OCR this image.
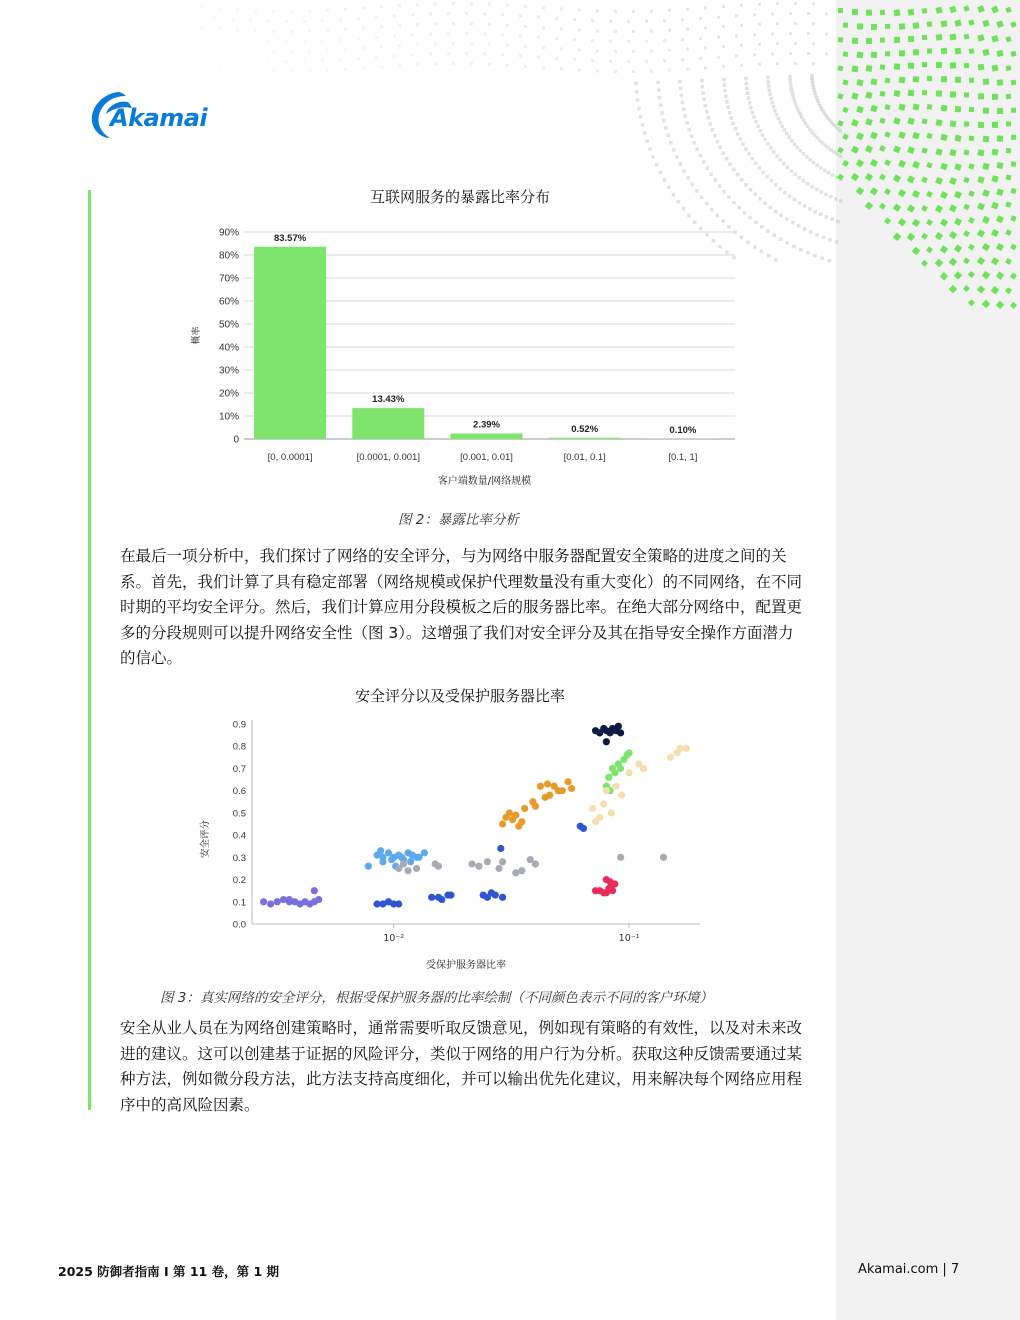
Akamai
互联网服务的暴露比率分布
0
10%
20%
30%
40%
50%
60%
70%
80%
90%	83.57%
[0, 0.0001]
13.43%
[0.0001, 0.001]
2.39%
[0.001, 0.01]
0.52%
[0.01, 0.1]
0.10%
[0.1, 1]
客户端数量/网络规模
概率
图 2：暴露比率分析

在最后一项分析中，我们探讨了网络的安全评分，与为网络中服务器配置安全策略的进度之间的关系。首先，我们计算了具有稳定部署（网络规模或保护代理数量没有重大变化）的不同网络，在不同时期的平均安全评分。然后，我们计算应用分段模板之后的服务器比率。在绝大部分网络中，配置更多的分段规则可以提升网络安全性（图 3）。这增强了我们对安全评分及其在指导安全操作方面潜力的信心。

安全评分以及受保护服务器比率
0.0
0.1
0.2
0.3
0.4
0.5
0.6
0.7
0.8
0.9
10⁻²	10⁻¹
受保护服务器比率
安全评分
图 3：真实网络的安全评分，根据受保护服务器的比率绘制（不同颜色表示不同的客户环境）

安全从业人员在为网络创建策略时，通常需要听取反馈意见，例如现有策略的有效性，以及对未来改进的建议。这可以创建基于证据的风险评分，类似于网络的用户行为分析。获取这种反馈需要通过某种方法，例如微分段方法，此方法支持高度细化，并可以输出优先化建议，用来解决每个网络应用程序中的高风险因素。

2025 防御者指南 I 第 11 卷，第 1 期	Akamai.com | 7
